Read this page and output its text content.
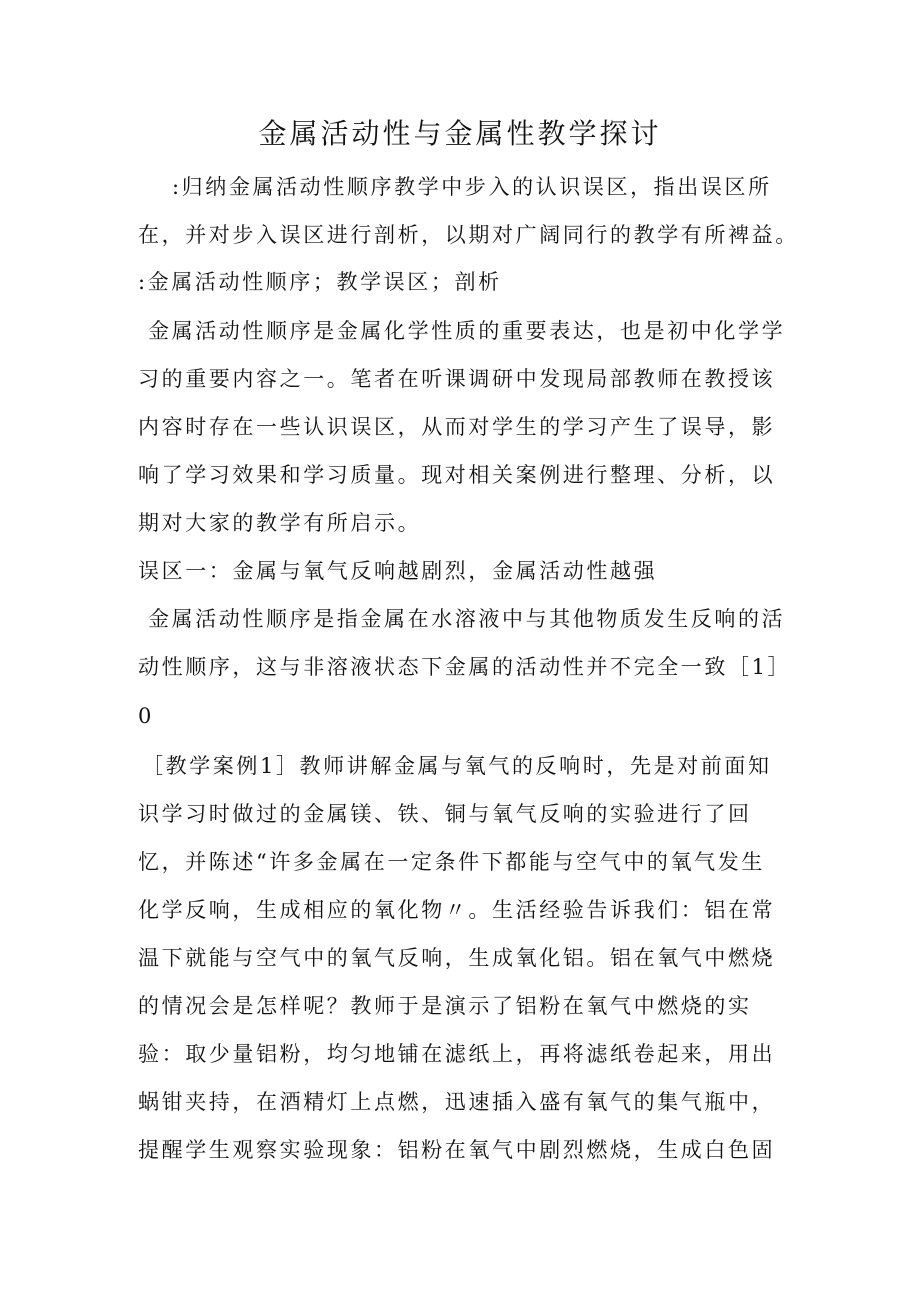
金属活动性与金属性教学探讨
:归纳金属活动性顺序教学中步入的认识误区，指出误区所
在，并对步入误区进行剖析，以期对广阔同行的教学有所裨益。
:金属活动性顺序；教学误区；剖析
金属活动性顺序是金属化学性质的重要表达，也是初中化学学
习的重要内容之一。笔者在听课调研中发现局部教师在教授该
内容时存在一些认识误区，从而对学生的学习产生了误导，影
响了学习效果和学习质量。现对相关案例进行整理、分析，以
期对大家的教学有所启示。
误区一：金属与氧气反响越剧烈，金属活动性越强
金属活动性顺序是指金属在水溶液中与其他物质发生反响的活
动性顺序，这与非溶液状态下金属的活动性并不完全一致［1］
0
［教学案例1］教师讲解金属与氧气的反响时，先是对前面知
识学习时做过的金属镁、铁、铜与氧气反响的实验进行了回
忆，并陈述“许多金属在一定条件下都能与空气中的氧气发生
化学反响，生成相应的氧化物〃。生活经验告诉我们：铝在常
温下就能与空气中的氧气反响，生成氧化铝。铝在氧气中燃烧
的情况会是怎样呢？教师于是演示了铝粉在氧气中燃烧的实
验：取少量铝粉，均匀地铺在滤纸上，再将滤纸卷起来，用出
蜗钳夹持，在酒精灯上点燃，迅速插入盛有氧气的集气瓶中，
提醒学生观察实验现象：铝粉在氧气中剧烈燃烧，生成白色固
